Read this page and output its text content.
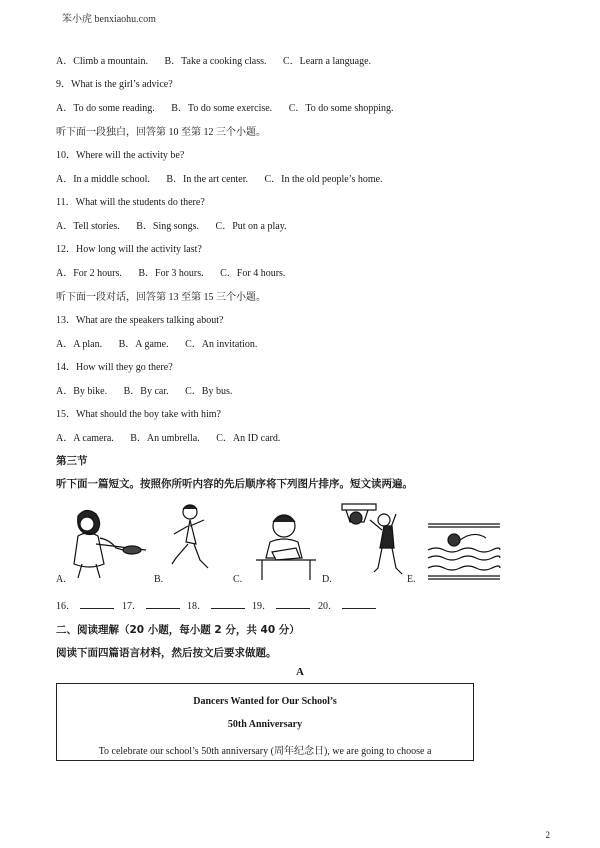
笨小虎 benxiaohu.com
A．Climb a mountain. B．Take a cooking class. C．Learn a language.
9．What is the girl’s advice?
A．To do some reading. B．To do some exercise. C．To do some shopping.
听下面一段独白，回答第 10 至第 12 三个小题。
10．Where will the activity be?
A．In a middle school. B．In the art center. C．In the old people’s home.
11．What will the students do there?
A．Tell stories. B．Sing songs. C．Put on a play.
12．How long will the activity last?
A．For 2 hours. B．For 3 hours. C．For 4 hours.
听下面一段对话，回答第 13 至第 15 三个小题。
13．What are the speakers talking about?
A．A plan. B．A game. C．An invitation.
14．How will they go there?
A．By bike. B．By car. C．By bus.
15．What should the boy take with him?
A．A camera. B．An umbrella. C．An ID card.
第三节
听下面一篇短文。按照你所听内容的先后顺序将下列图片排序。短文读两遍。
A.	B.	C.	D.	E.
16．	17．	18．	19．	20．
二、阅读理解（20 小题，每小题 2 分，共 40 分）
阅读下面四篇语言材料，然后按文后要求做题。
A
Dancers Wanted for Our School’s
50th Anniversary
To celebrate our school’s 50th anniversary (周年纪念日), we are going to choose a
2
